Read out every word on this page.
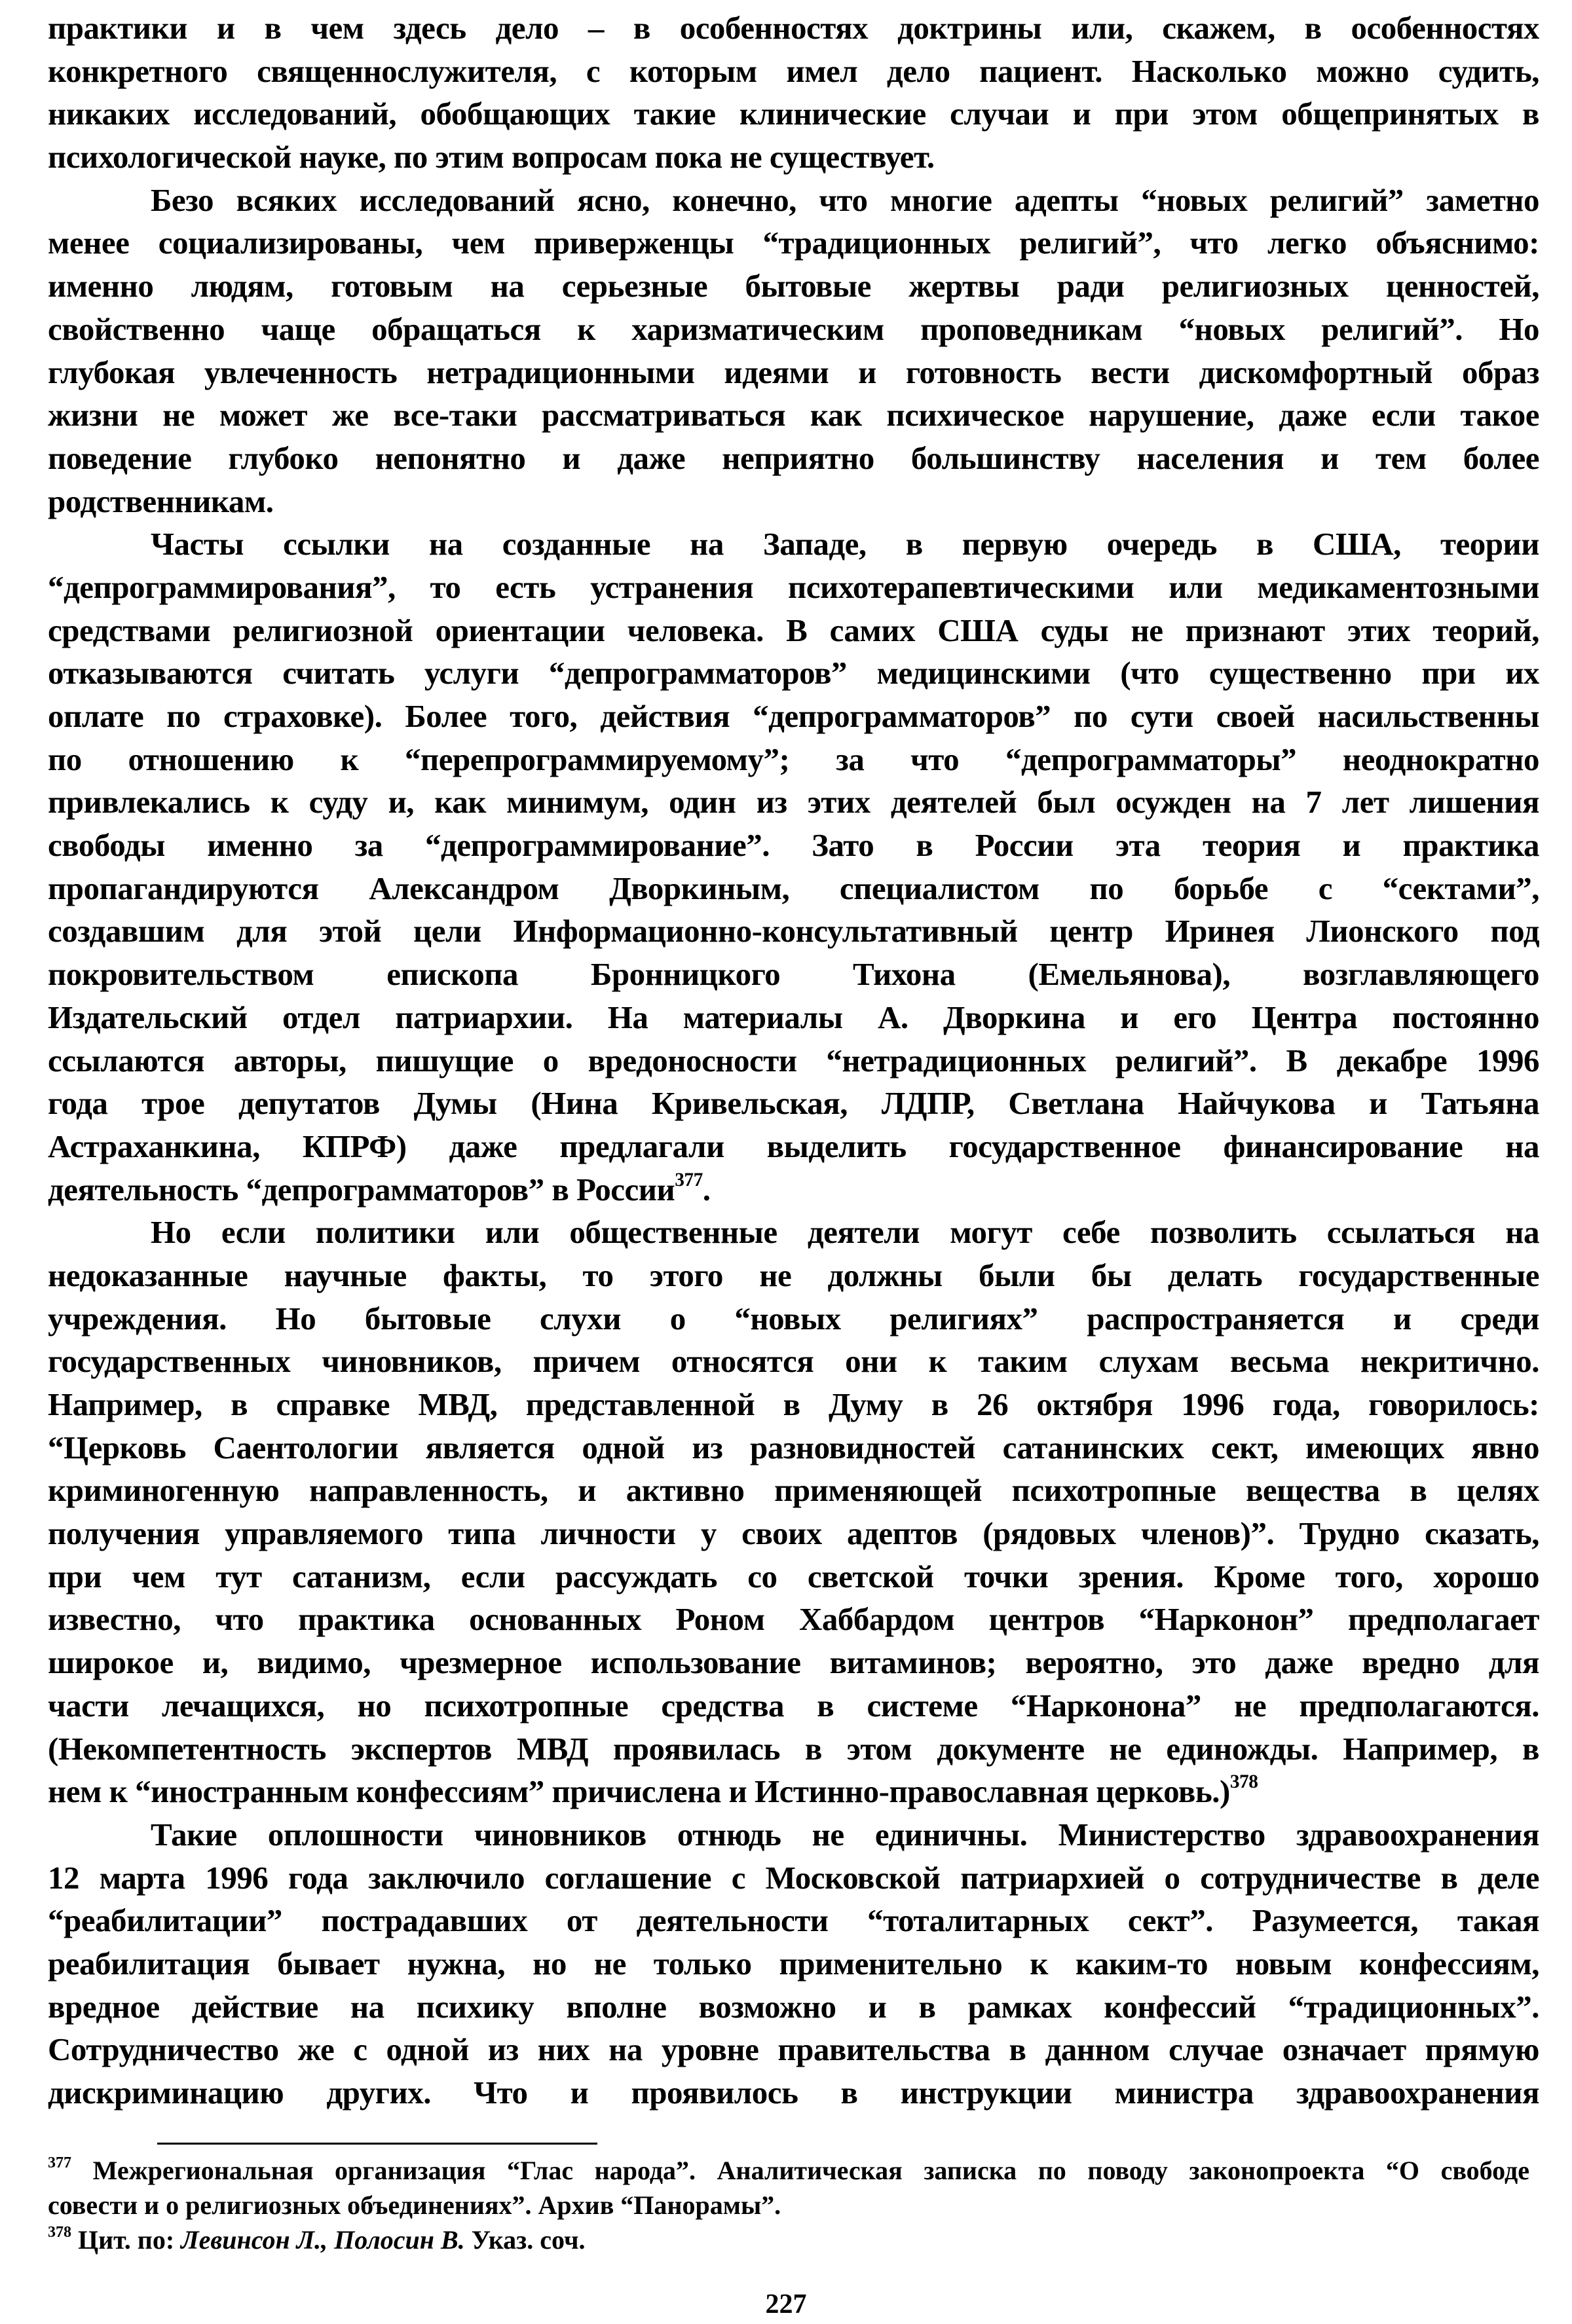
практики и в чем здесь дело – в особенностях доктрины или, скажем, в особенностях
конкретного священнослужителя, с которым имел дело пациент. Насколько можно судить,
никаких исследований, обобщающих такие клинические случаи и при этом общепринятых в
психологической науке, по этим вопросам пока не существует.
Безо всяких исследований ясно, конечно, что многие адепты “новых религий” заметно
менее социализированы, чем приверженцы “традиционных религий”, что легко объяснимо:
именно людям, готовым на серьезные бытовые жертвы ради религиозных ценностей,
свойственно чаще обращаться к харизматическим проповедникам “новых религий”. Но
глубокая увлеченность нетрадиционными идеями и готовность вести дискомфортный образ
жизни не может же все-таки рассматриваться как психическое нарушение, даже если такое
поведение глубоко непонятно и даже неприятно большинству населения и тем более
родственникам.
Часты ссылки на созданные на Западе, в первую очередь в США, теории
“депрограммирования”, то есть устранения психотерапевтическими или медикаментозными
средствами религиозной ориентации человека. В самих США суды не признают этих теорий,
отказываются считать услуги “депрограмматоров” медицинскими (что существенно при их
оплате по страховке). Более того, действия “депрограмматоров” по сути своей насильственны
по отношению к “перепрограммируемому”; за что “депрограмматоры” неоднократно
привлекались к суду и, как минимум, один из этих деятелей был осужден на 7 лет лишения
свободы именно за “депрограммирование”. Зато в России эта теория и практика
пропагандируются Александром Дворкиным, специалистом по борьбе с “сектами”,
создавшим для этой цели Информационно-консультативный центр Иринея Лионского под
покровительством епископа Бронницкого Тихона (Емельянова), возглавляющего
Издательский отдел патриархии. На материалы А. Дворкина и его Центра постоянно
ссылаются авторы, пишущие о вредоносности “нетрадиционных религий”. В декабре 1996
года трое депутатов Думы (Нина Кривельская, ЛДПР, Светлана Найчукова и Татьяна
Астраханкина, КПРФ) даже предлагали выделить государственное финансирование на
деятельность “депрограмматоров” в России$^{377}$.
Но если политики или общественные деятели могут себе позволить ссылаться на
недоказанные научные факты, то этого не должны были бы делать государственные
учреждения. Но бытовые слухи о “новых религиях” распространяется и среди
государственных чиновников, причем относятся они к таким слухам весьма некритично.
Например, в справке МВД, представленной в Думу в 26 октября 1996 года, говорилось:
“Церковь Саентологии является одной из разновидностей сатанинских сект, имеющих явно
криминогенную направленность, и активно применяющей психотропные вещества в целях
получения управляемого типа личности у своих адептов (рядовых членов)”. Трудно сказать,
при чем тут сатанизм, если рассуждать со светской точки зрения. Кроме того, хорошо
известно, что практика основанных Роном Хаббардом центров “Нарконон” предполагает
широкое и, видимо, чрезмерное использование витаминов; вероятно, это даже вредно для
части лечащихся, но психотропные средства в системе “Нарконона” не предполагаются.
(Некомпетентность экспертов МВД проявилась в этом документе не единожды. Например, в
нем к “иностранным конфессиям” причислена и Истинно-православная церковь.)$^{378}$
Такие оплошности чиновников отнюдь не единичны. Министерство здравоохранения
12 марта 1996 года заключило соглашение с Московской патриархией о сотрудничестве в деле
“реабилитации” пострадавших от деятельности “тоталитарных сект”. Разумеется, такая
реабилитация бывает нужна, но не только применительно к каким-то новым конфессиям,
вредное действие на психику вполне возможно и в рамках конфессий “традиционных”.
Сотрудничество же с одной из них на уровне правительства в данном случае означает прямую
дискриминацию других. Что и проявилось в инструкции министра здравоохранения
$^{377}$ Межрегиональная организация “Глас народа”. Аналитическая записка по поводу законопроекта “О свободе
совести и о религиозных объединениях”. Архив “Панорамы”.
$^{378}$ Цит. по: Левинсон Л., Полосин В. Указ. соч.
227
